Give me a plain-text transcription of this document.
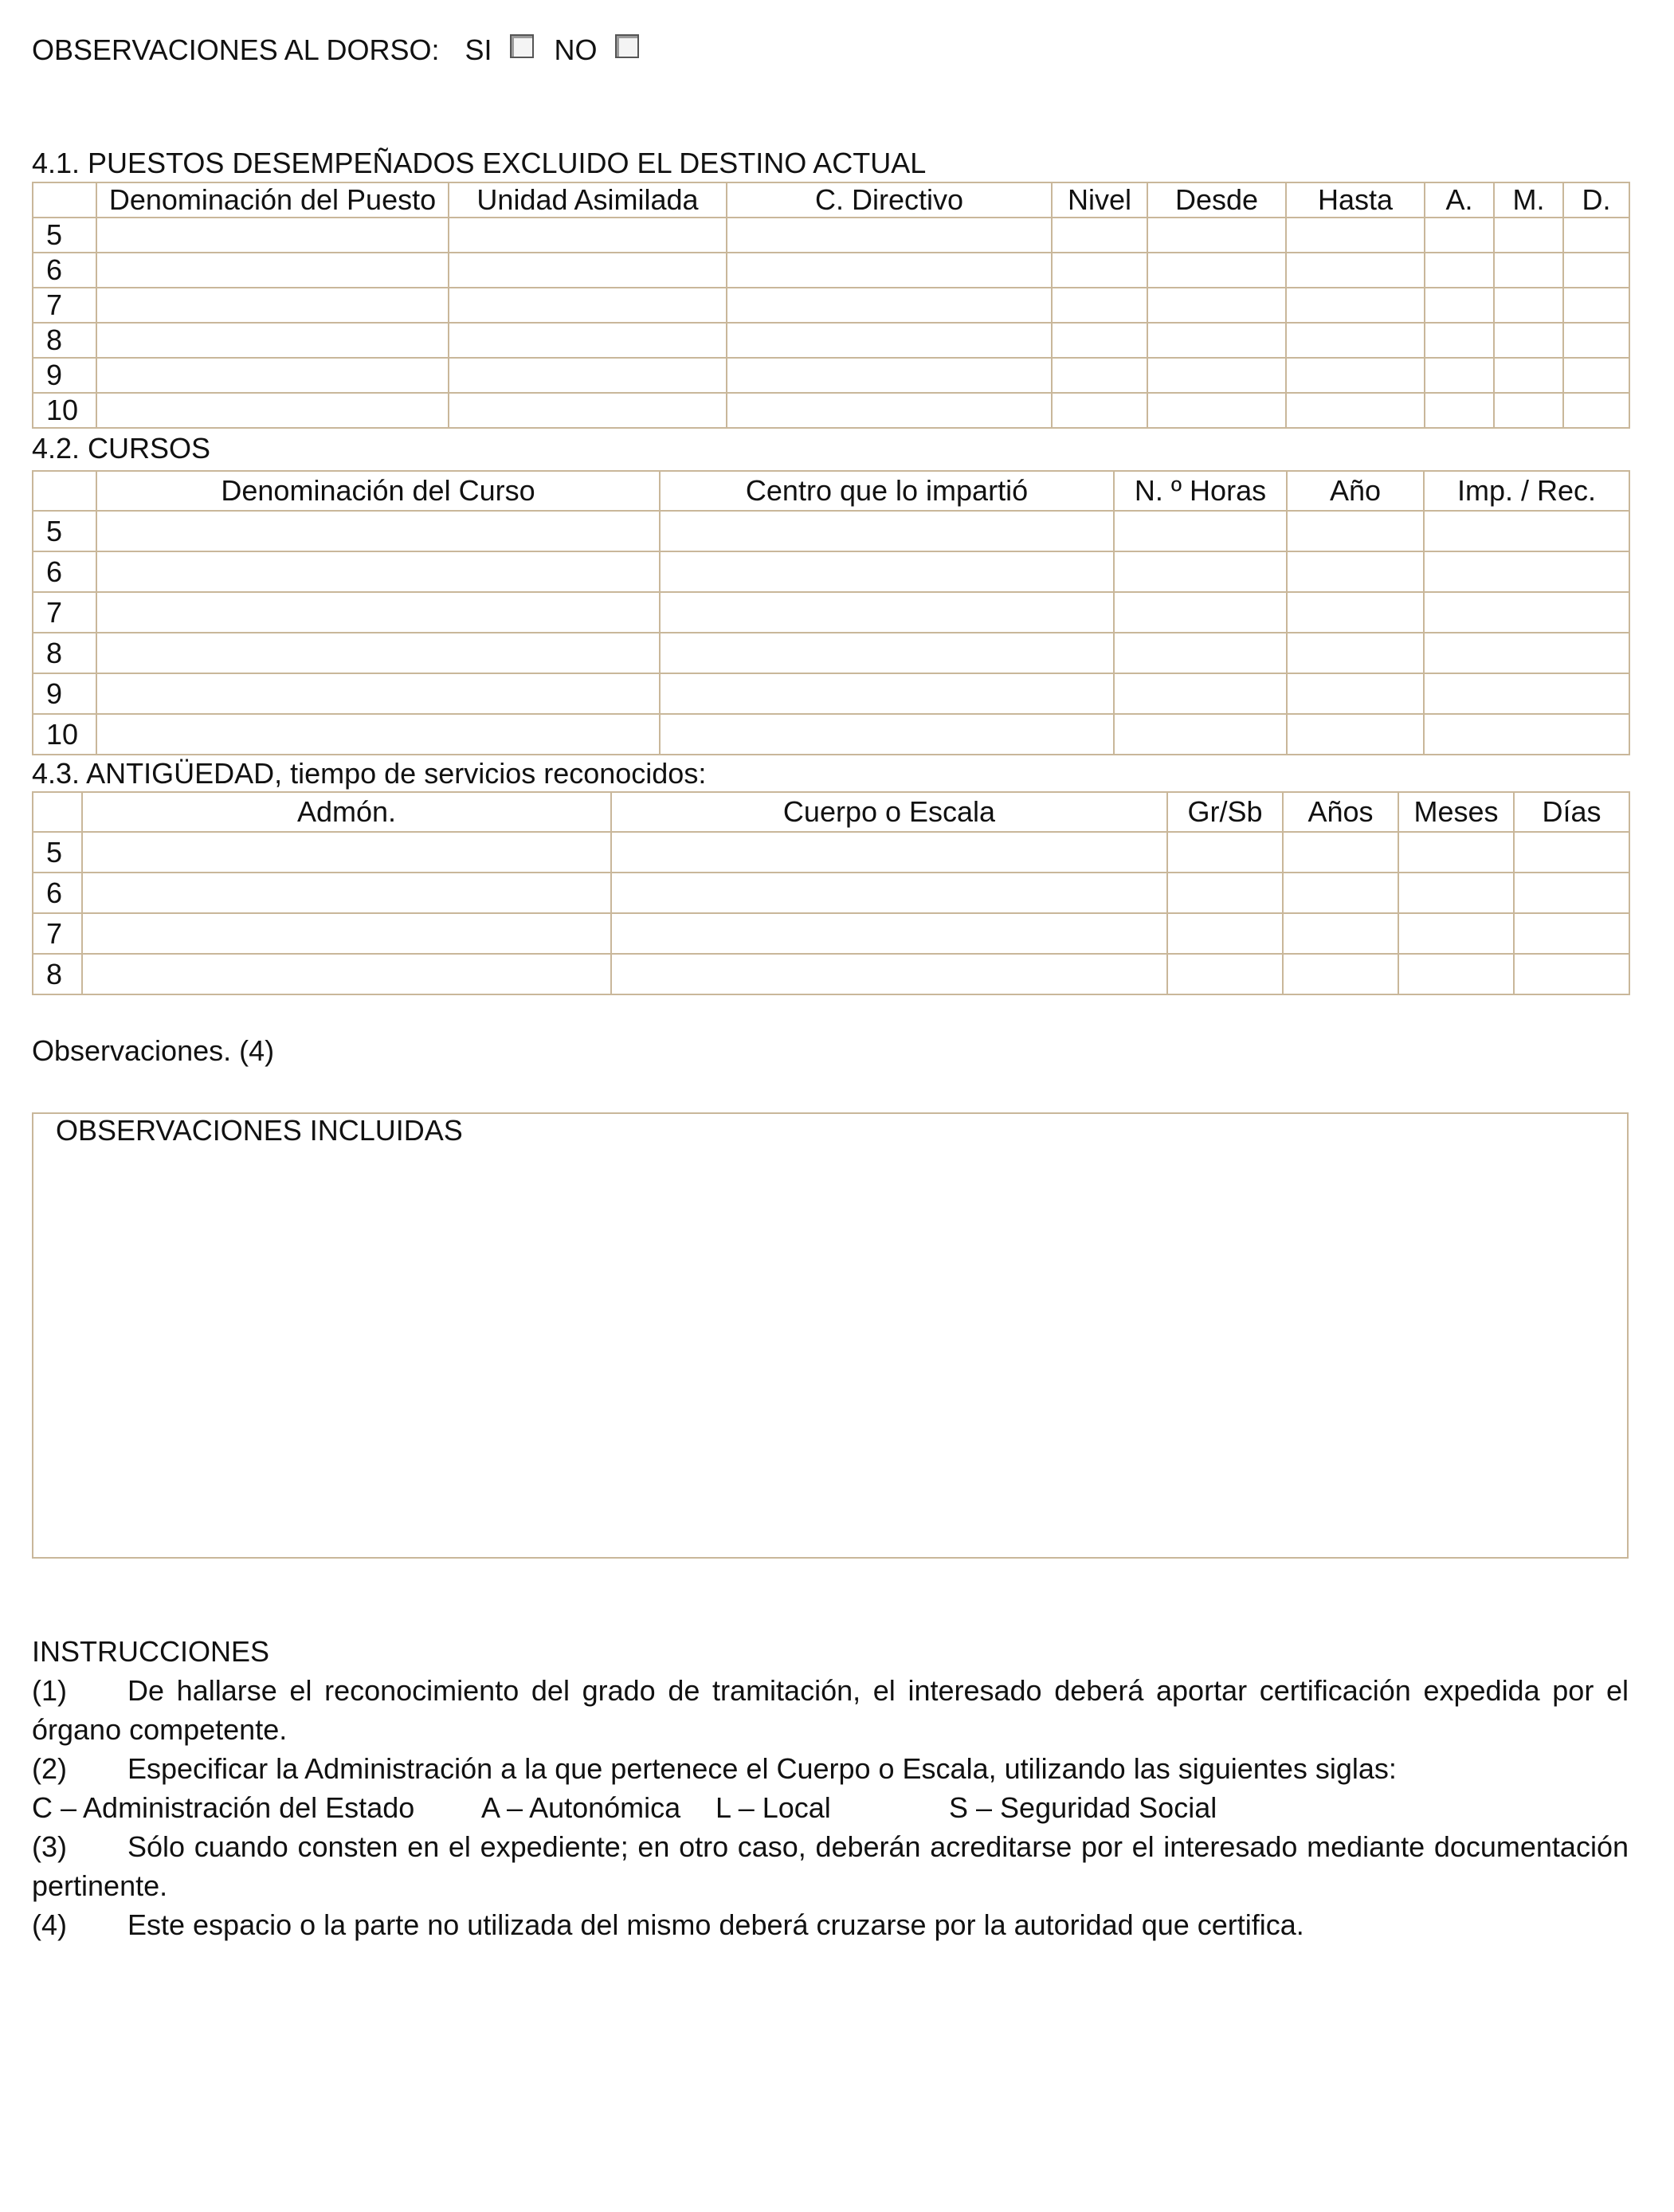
OBSERVACIONES AL DORSO: SI NO
4.1. PUESTOS DESEMPEÑADOS EXCLUIDO EL DESTINO ACTUAL
	Denominación del Puesto	Unidad Asimilada	C. Directivo	Nivel	Desde	Hasta	A.	M.	D.
5									
6									
7									
8									
9									
10									
4.2. CURSOS
	Denominación del Curso	Centro que lo impartió	N. º Horas	Año	Imp. / Rec.
5					
6					
7					
8					
9					
10					
4.3. ANTIGÜEDAD, tiempo de servicios reconocidos:
	Admón.	Cuerpo o Escala	Gr/Sb	Años	Meses	Días
5						
6						
7						
8						
Observaciones. (4)
OBSERVACIONES INCLUIDAS
INSTRUCCIONES
(1) De hallarse el reconocimiento del grado de tramitación, el interesado deberá aportar certificación expedida por el órgano competente.
(2) Especificar la Administración a la que pertenece el Cuerpo o Escala, utilizando las siguientes siglas:
C – Administración del Estado A – Autonómica L – Local	S – Seguridad Social
(3) Sólo cuando consten en el expediente; en otro caso, deberán acreditarse por el interesado mediante documentación pertinente.
(4) Este espacio o la parte no utilizada del mismo deberá cruzarse por la autoridad que certifica.
